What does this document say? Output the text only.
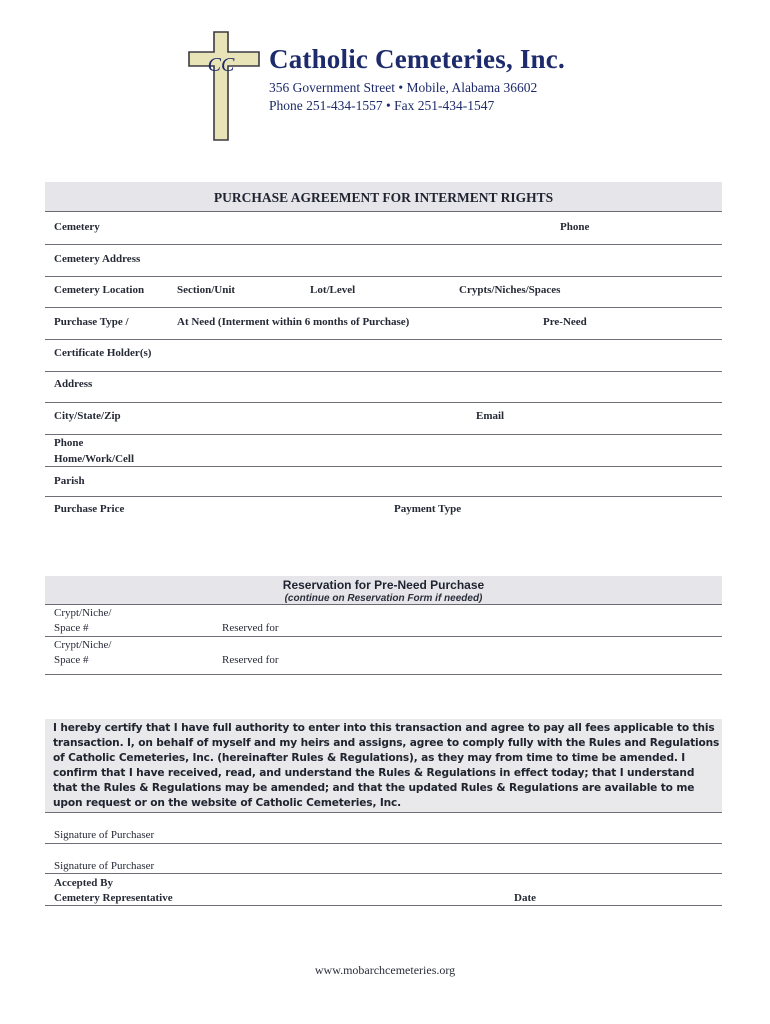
CC Catholic Cemeteries, Inc.
356 Government Street • Mobile, Alabama 36602
Phone 251-434-1557 • Fax 251-434-1547
PURCHASE AGREEMENT FOR INTERMENT RIGHTS
Cemetery	Phone
Cemetery Address
Cemetery Location	Section/Unit	Lot/Level	Crypts/Niches/Spaces
Purchase Type /	At Need (Interment within 6 months of Purchase)	Pre-Need
Certificate Holder(s)
Address
City/State/Zip	Email
Phone
Home/Work/Cell
Parish
Purchase Price	Payment Type
Reservation for Pre-Need Purchase
(continue on Reservation Form if needed)
Crypt/Niche/
Space #	Reserved for
Crypt/Niche/
Space #	Reserved for
I hereby certify that I have full authority to enter into this transaction and agree to pay all fees applicable to this transaction. I, on behalf of myself and my heirs and assigns, agree to comply fully with the Rules and Regulations of Catholic Cemeteries, Inc. (hereinafter Rules & Regulations), as they may from time to time be amended. I confirm that I have received, read, and understand the Rules & Regulations in effect today; that I understand that the Rules & Regulations may be amended; and that the updated Rules & Regulations are available to me upon request or on the website of Catholic Cemeteries, Inc.
Signature of Purchaser
Signature of Purchaser
Accepted By
Cemetery Representative	Date
www.mobarchcemeteries.org
